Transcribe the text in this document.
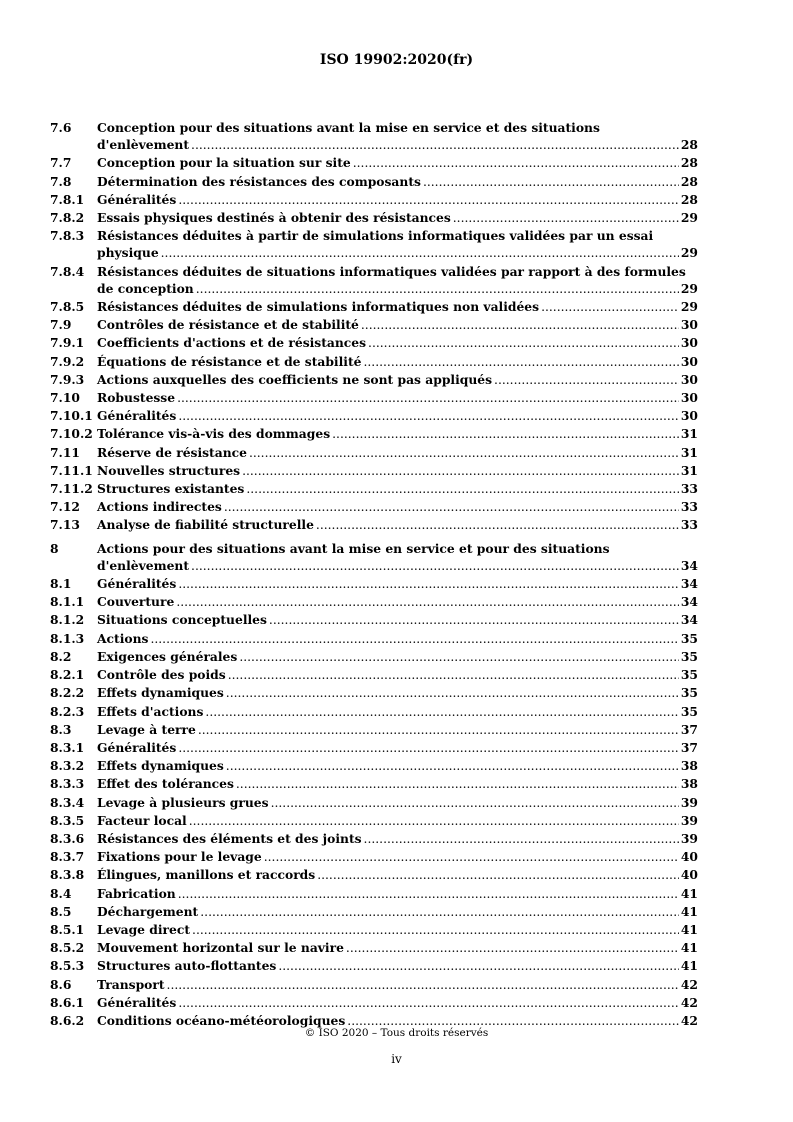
ISO 19902:2020(fr)
7.6	Conception pour des situations avant la mise en service et des situations
d'enlèvement .....	28
7.7	Conception pour la situation sur site .....	28
7.8	Détermination des résistances des composants .....	28
7.8.1	Généralités .....	28
7.8.2	Essais physiques destinés à obtenir des résistances .....	29
7.8.3	Résistances déduites à partir de simulations informatiques validées par un essai
physique .....	29
7.8.4	Résistances déduites de situations informatiques validées par rapport à des formules
de conception .....	29
7.8.5	Résistances déduites de simulations informatiques non validées .....	29
7.9	Contrôles de résistance et de stabilité .....	30
7.9.1	Coefficients d'actions et de résistances .....	30
7.9.2	Équations de résistance et de stabilité .....	30
7.9.3	Actions auxquelles des coefficients ne sont pas appliqués .....	30
7.10	Robustesse .....	30
7.10.1 Généralités .....	30
7.10.2 Tolérance vis-à-vis des dommages .....	31
7.11	Réserve de résistance .....	31
7.11.1 Nouvelles structures .....	31
7.11.2 Structures existantes .....	33
7.12	Actions indirectes .....	33
7.13	Analyse de fiabilité structurelle .....	33
8	Actions pour des situations avant la mise en service et pour des situations
d'enlèvement .....	34
8.1	Généralités .....	34
8.1.1	Couverture .....	34
8.1.2	Situations conceptuelles .....	34
8.1.3	Actions .....	35
8.2	Exigences générales .....	35
8.2.1	Contrôle des poids .....	35
8.2.2	Effets dynamiques .....	35
8.2.3	Effets d'actions .....	35
8.3	Levage à terre .....	37
8.3.1	Généralités .....	37
8.3.2	Effets dynamiques .....	38
8.3.3	Effet des tolérances .....	38
8.3.4	Levage à plusieurs grues .....	39
8.3.5	Facteur local .....	39
8.3.6	Résistances des éléments et des joints .....	39
8.3.7	Fixations pour le levage .....	40
8.3.8	Élingues, manillons et raccords .....	40
8.4	Fabrication .....	41
8.5	Déchargement .....	41
8.5.1	Levage direct .....	41
8.5.2	Mouvement horizontal sur le navire .....	41
8.5.3	Structures auto-flottantes .....	41
8.6	Transport .....	42
8.6.1	Généralités .....	42
8.6.2	Conditions océano-météorologiques .....	42
© ISO 2020 – Tous droits réservés
iv
